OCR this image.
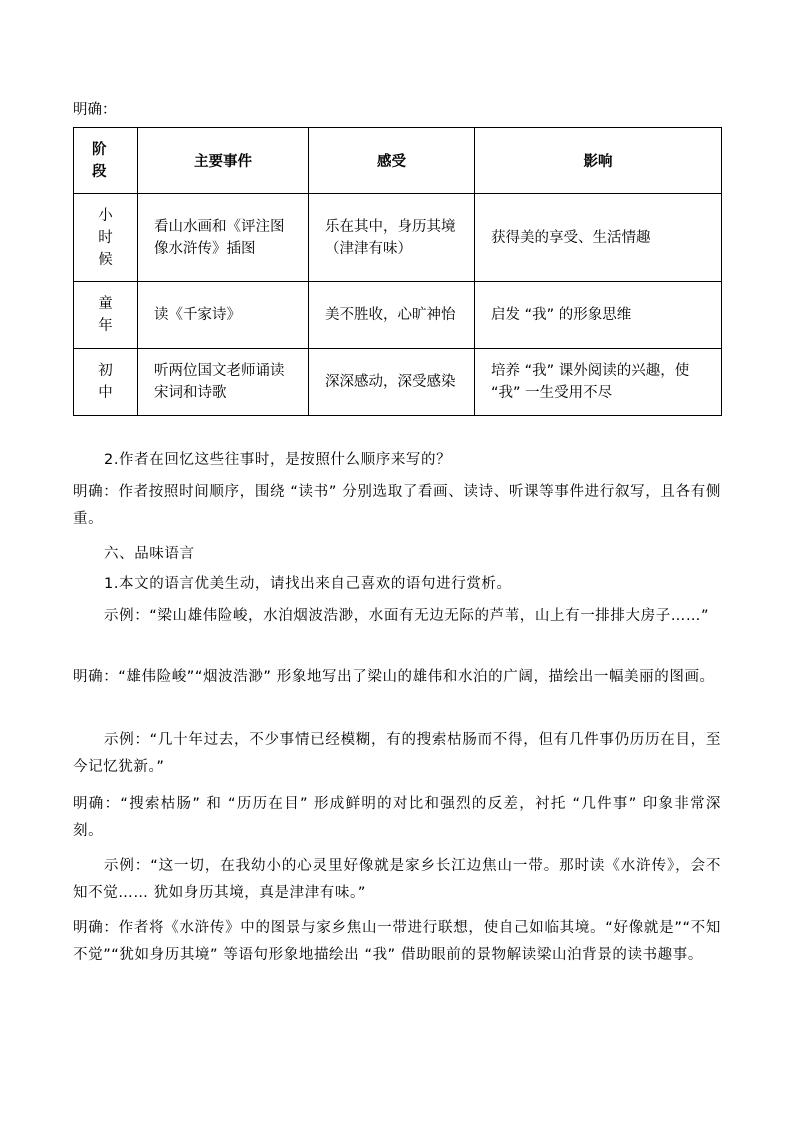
明确：
阶段	主要事件	感受	影响

小时候	看山水画和《评注图像水浒传》插图	乐在其中，身历其境（津津有味）	获得美的享受、生活情趣

童年	读《千家诗》	美不胜收，心旷神怡	启发 “我” 的形象思维

初中	听两位国文老师诵读宋词和诗歌	深深感动，深受感染	培养 “我” 课外阅读的兴趣，使 “我” 一生受用不尽

2.作者在回忆这些往事时，是按照什么顺序来写的？

明确：作者按照时间顺序，围绕 “读书” 分别选取了看画、读诗、听课等事件进行叙写，且各有侧重。

六、品味语言

1.本文的语言优美生动，请找出来自己喜欢的语句进行赏析。

示例：“梁山雄伟险峻，水泊烟波浩渺，水面有无边无际的芦苇，山上有一排排大房子……”

明确：“雄伟险峻”“烟波浩渺” 形象地写出了梁山的雄伟和水泊的广阔，描绘出一幅美丽的图画。

示例：“几十年过去，不少事情已经模糊，有的搜索枯肠而不得，但有几件事仍历历在目，至今记忆犹新。”

明确：“搜索枯肠” 和 “历历在目” 形成鲜明的对比和强烈的反差，衬托 “几件事” 印象非常深刻。

示例：“这一切，在我幼小的心灵里好像就是家乡长江边焦山一带。那时读《水浒传》，会不知不觉…… 犹如身历其境，真是津津有味。”

明确：作者将《水浒传》中的图景与家乡焦山一带进行联想，使自己如临其境。“好像就是”“不知不觉”“犹如身历其境” 等语句形象地描绘出 “我” 借助眼前的景物解读梁山泊背景的读书趣事。
